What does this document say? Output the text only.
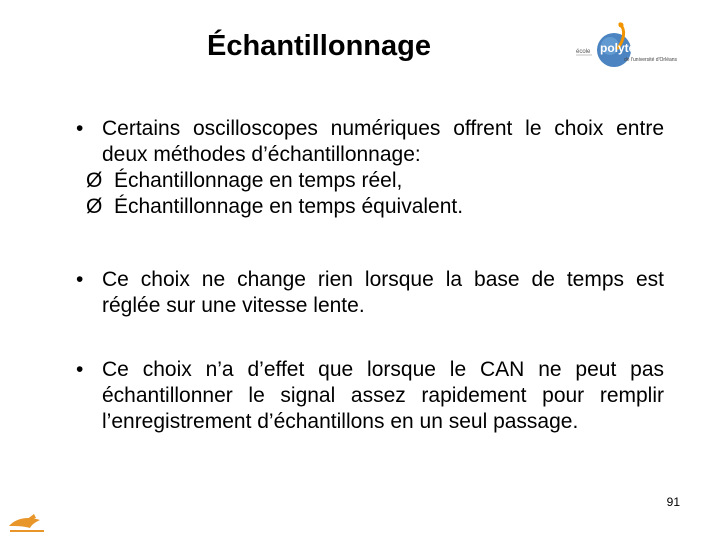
Échantillonnage	école polytechnique
de l'université d'Orléans
• Certains oscilloscopes numériques offrent le choix entre deux méthodes d’échantillonnage:
Ø Échantillonnage en temps réel,
Ø Échantillonnage en temps équivalent.
• Ce choix ne change rien lorsque la base de temps est réglée sur une vitesse lente.
• Ce choix n’a d’effet que lorsque le CAN ne peut pas échantillonner le signal assez rapidement pour remplir l’enregistrement d’échantillons en un seul passage.
91
